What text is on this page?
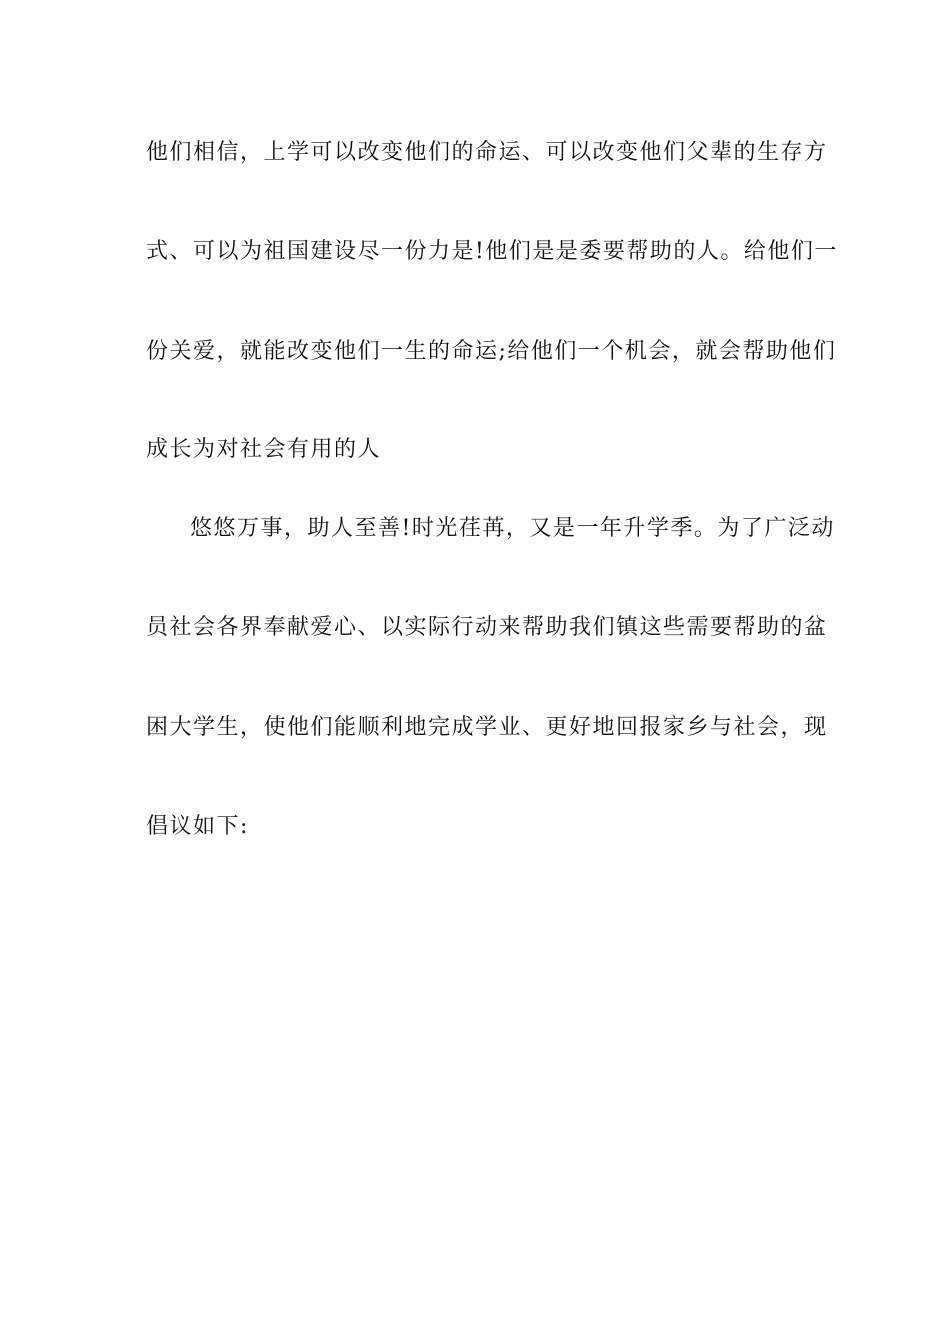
他们相信，上学可以改变他们的命运、可以改变他们父辈的生存方
式、可以为祖国建设尽一份力是!他们是是委要帮助的人。给他们一
份关爱，就能改变他们一生的命运;给他们一个机会，就会帮助他们
成长为对社会有用的人
悠悠万事，助人至善!时光荏苒，又是一年升学季。为了广泛动
员社会各界奉献爱心、以实际行动来帮助我们镇这些需要帮助的盆
困大学生，使他们能顺利地完成学业、更好地回报家乡与社会，现
倡议如下:
